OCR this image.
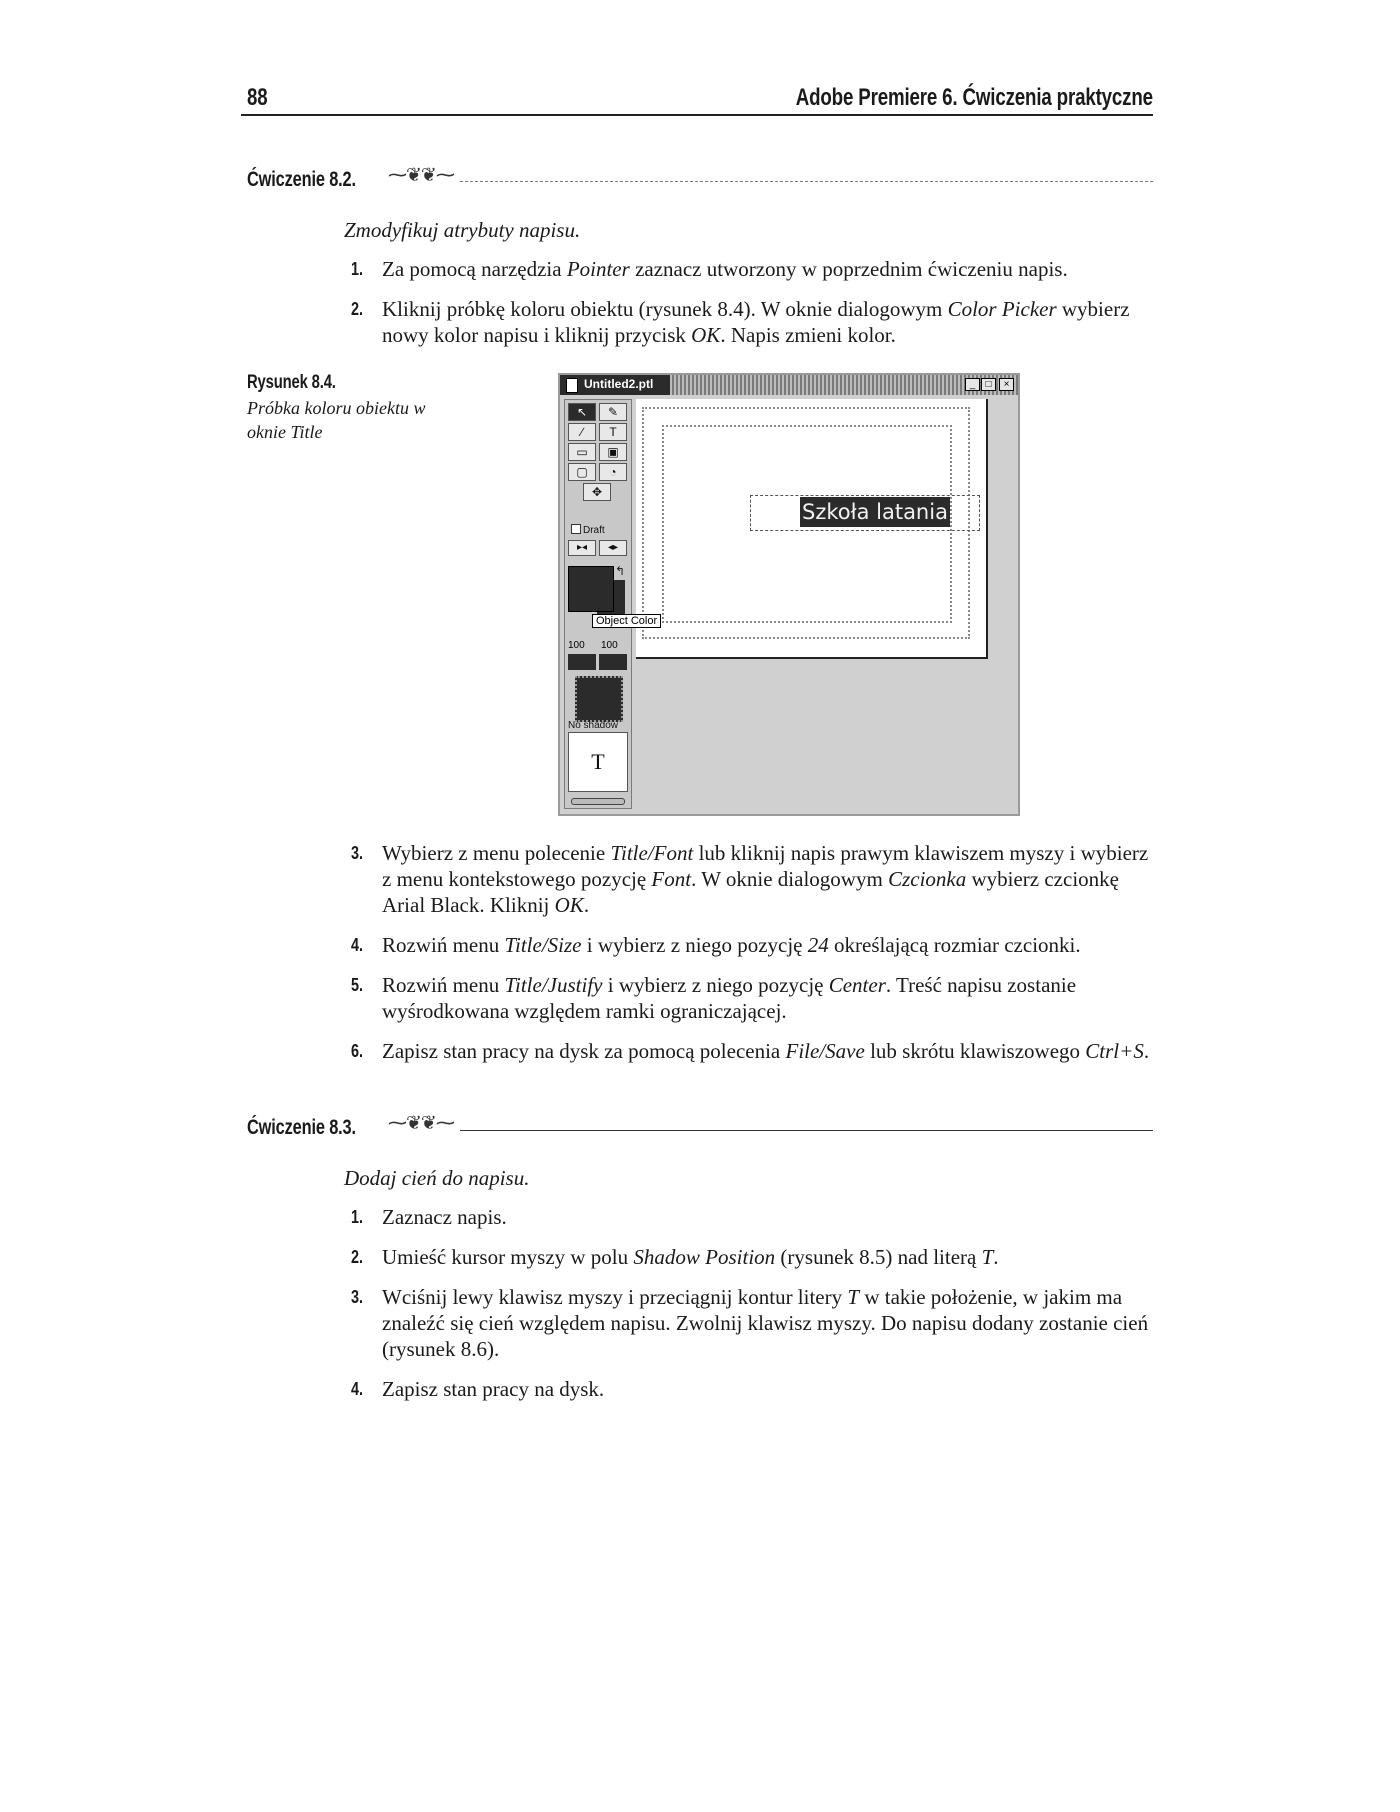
88	Adobe Premiere 6. Ćwiczenia praktyczne
Ćwiczenie 8.2. ⁓❦❦⁓
Zmodyfikuj atrybuty napisu.
1. Za pomocą narzędzia Pointer zaznacz utworzony w poprzednim ćwiczeniu napis.
2. Kliknij próbkę koloru obiektu (rysunek 8.4). W oknie dialogowym Color Picker wybierz nowy kolor napisu i kliknij przycisk OK. Napis zmieni kolor.
Rysunek 8.4.
Próbka koloru obiektu w oknie Title
Untitled2.ptl	_	□	×
↖	✎
∕	T
▭	▣
▢	◔
✥
Draft
▸◂	◂▸
↰
Object Color
100 100
No shadow
T
Szkoła latania
3. Wybierz z menu polecenie Title/Font lub kliknij napis prawym klawiszem myszy i wybierz z menu kontekstowego pozycję Font. W oknie dialogowym Czcionka wybierz czcionkę Arial Black. Kliknij OK.
4. Rozwiń menu Title/Size i wybierz z niego pozycję 24 określającą rozmiar czcionki.
5. Rozwiń menu Title/Justify i wybierz z niego pozycję Center. Treść napisu zostanie wyśrodkowana względem ramki ograniczającej.
6. Zapisz stan pracy na dysk za pomocą polecenia File/Save lub skrótu klawiszowego Ctrl+S.
Ćwiczenie 8.3. ⁓❦❦⁓
Dodaj cień do napisu.
1. Zaznacz napis.
2. Umieść kursor myszy w polu Shadow Position (rysunek 8.5) nad literą T.
3. Wciśnij lewy klawisz myszy i przeciągnij kontur litery T w takie położenie, w jakim ma znaleźć się cień względem napisu. Zwolnij klawisz myszy. Do napisu dodany zostanie cień (rysunek 8.6).
4. Zapisz stan pracy na dysk.
